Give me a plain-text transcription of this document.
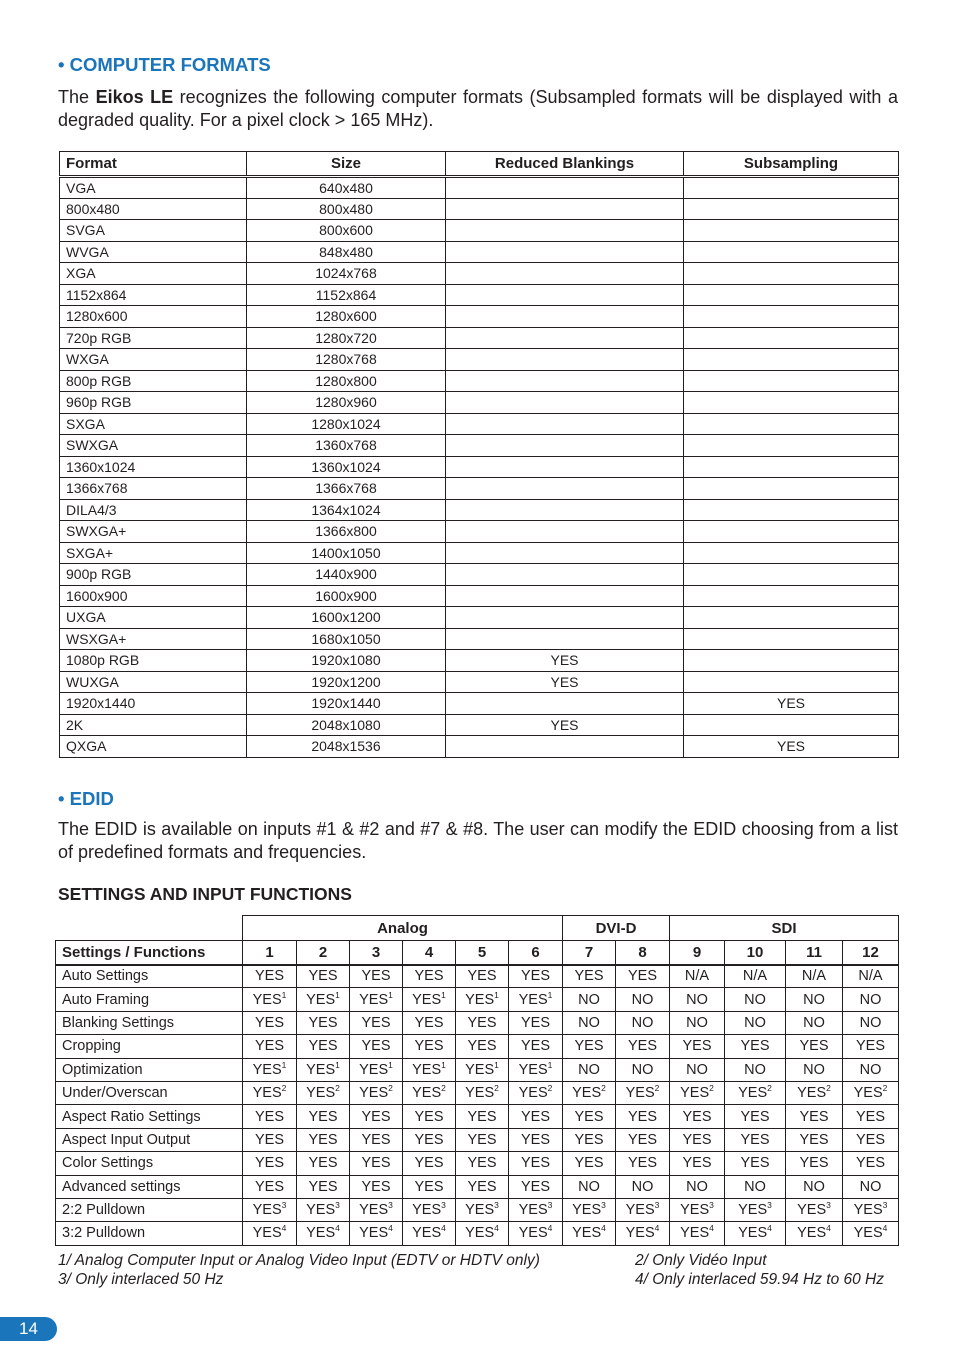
• COMPUTER FORMATS

The Eikos LE recognizes the following computer formats (Subsampled formats will be displayed with a degraded quality. For a pixel clock > 165 MHz).

Format	Size	Reduced Blankings	Subsampling
VGA	640x480		
800x480	800x480		
SVGA	800x600		
WVGA	848x480		
XGA	1024x768		
1152x864	1152x864		
1280x600	1280x600		
720p RGB	1280x720		
WXGA	1280x768		
800p RGB	1280x800		
960p RGB	1280x960		
SXGA	1280x1024		
SWXGA	1360x768		
1360x1024	1360x1024		
1366x768	1366x768		
DILA4/3	1364x1024		
SWXGA+	1366x800		
SXGA+	1400x1050		
900p RGB	1440x900		
1600x900	1600x900		
UXGA	1600x1200		
WSXGA+	1680x1050		
1080p RGB	1920x1080	YES	
WUXGA	1920x1200	YES	
1920x1440	1920x1440		YES
2K	2048x1080	YES	
QXGA	2048x1536		YES
• EDID

The EDID is available on inputs #1 & #2 and #7 & #8. The user can modify the EDID choosing from a list of predefined formats and frequencies.

SETTINGS AND INPUT FUNCTIONS
	Analog						DVI-D		SDI			
Settings / Functions	1	2	3	4	5	6	7	8	9	10	11	12
Auto Settings	YES	YES	YES	YES	YES	YES	YES	YES	N/A	N/A	N/A	N/A
Auto Framing	YES$^1$	YES$^1$	YES$^1$	YES$^1$	YES$^1$	YES$^1$	NO	NO	NO	NO	NO	NO
Blanking Settings	YES	YES	YES	YES	YES	YES	NO	NO	NO	NO	NO	NO
Cropping	YES	YES	YES	YES	YES	YES	YES	YES	YES	YES	YES	YES
Optimization	YES$^1$	YES$^1$	YES$^1$	YES$^1$	YES$^1$	YES$^1$	NO	NO	NO	NO	NO	NO
Under/Overscan	YES$^2$	YES$^2$	YES$^2$	YES$^2$	YES$^2$	YES$^2$	YES$^2$	YES$^2$	YES$^2$	YES$^2$	YES$^2$	YES$^2$
Aspect Ratio Settings	YES	YES	YES	YES	YES	YES	YES	YES	YES	YES	YES	YES
Aspect Input Output	YES	YES	YES	YES	YES	YES	YES	YES	YES	YES	YES	YES
Color Settings	YES	YES	YES	YES	YES	YES	YES	YES	YES	YES	YES	YES
Advanced settings	YES	YES	YES	YES	YES	YES	NO	NO	NO	NO	NO	NO
2:2 Pulldown	YES$^3$	YES$^3$	YES$^3$	YES$^3$	YES$^3$	YES$^3$	YES$^3$	YES$^3$	YES$^3$	YES$^3$	YES$^3$	YES$^3$
3:2 Pulldown	YES$^4$	YES$^4$	YES$^4$	YES$^4$	YES$^4$	YES$^4$	YES$^4$	YES$^4$	YES$^4$	YES$^4$	YES$^4$	YES$^4$

1/ Analog Computer Input or Analog Video Input (EDTV or HDTV only)	2/ Only Vidéo Input

3/ Only interlaced 50 Hz	4/ Only interlaced 59.94 Hz to 60 Hz

14
